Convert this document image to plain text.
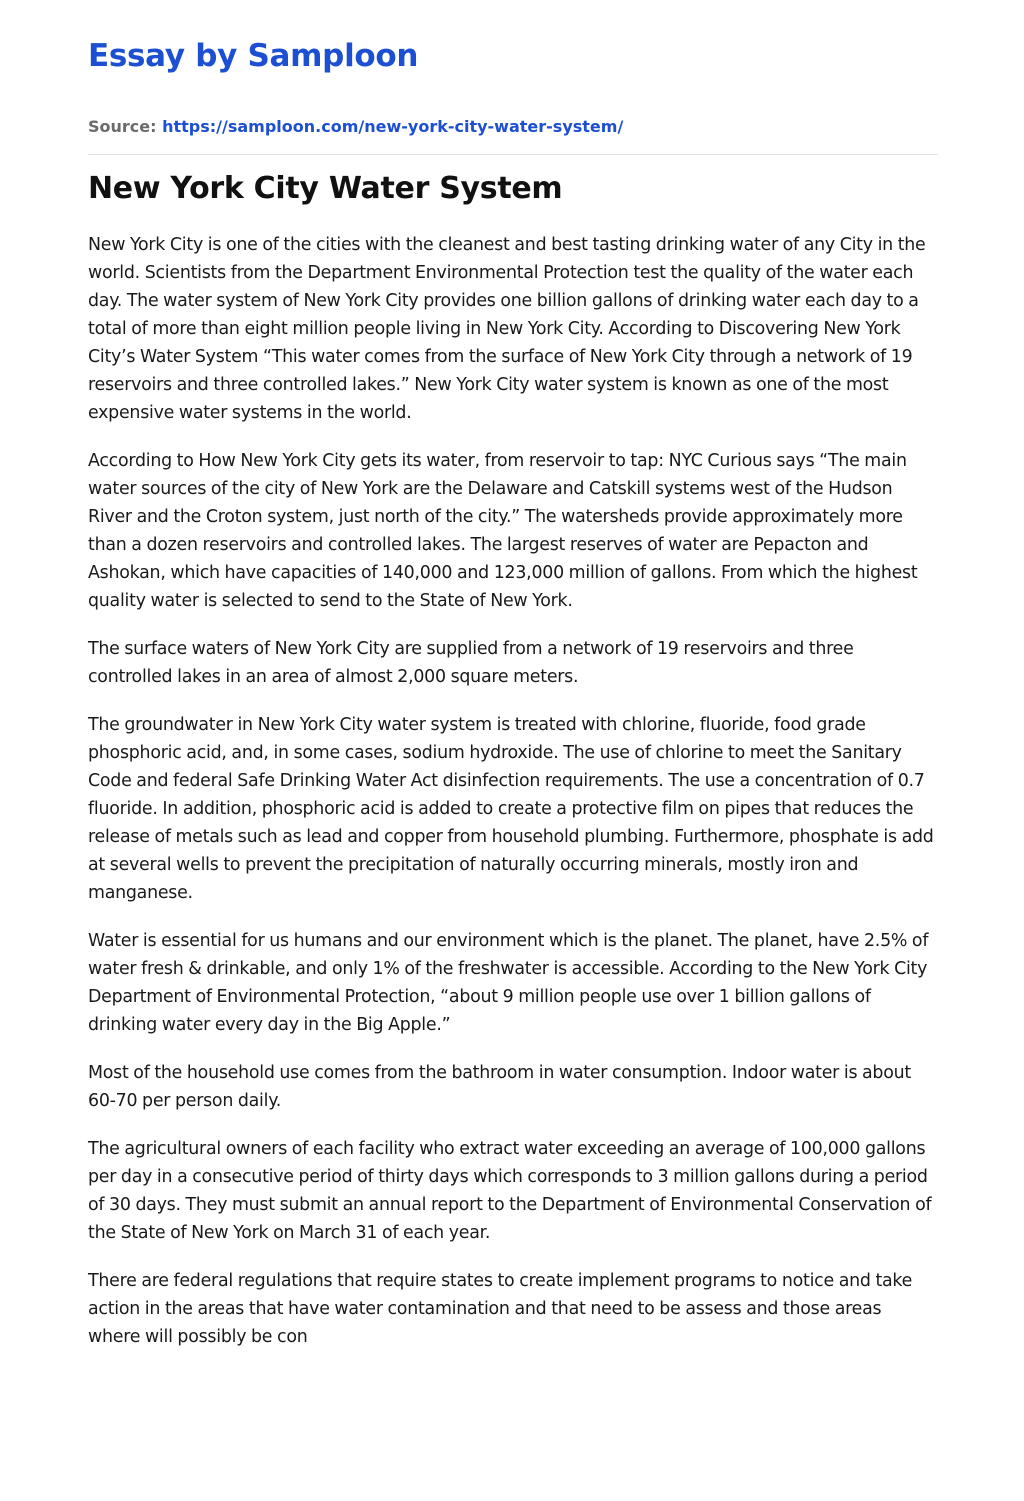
Essay by Samploon
Source: https://samploon.com/new-york-city-water-system/
New York City Water System

New York City is one of the cities with the cleanest and best tasting drinking water of any City in the world. Scientists from the Department Environmental Protection test the quality of the water each day. The water system of New York City provides one billion gallons of drinking water each day to a total of more than eight million people living in New York City. According to Discovering New York City’s Water System “This water comes from the surface of New York City through a network of 19 reservoirs and three controlled lakes.” New York City water system is known as one of the most expensive water systems in the world.

According to How New York City gets its water, from reservoir to tap: NYC Curious says “The main water sources of the city of New York are the Delaware and Catskill systems west of the Hudson River and the Croton system, just north of the city.” The watersheds provide approximately more than a dozen reservoirs and controlled lakes. The largest reserves of water are Pepacton and Ashokan, which have capacities of 140,000 and 123,000 million of gallons. From which the highest quality water is selected to send to the State of New York.

The surface waters of New York City are supplied from a network of 19 reservoirs and three controlled lakes in an area of almost 2,000 square meters.

The groundwater in New York City water system is treated with chlorine, fluoride, food grade phosphoric acid, and, in some cases, sodium hydroxide. The use of chlorine to meet the Sanitary Code and federal Safe Drinking Water Act disinfection requirements. The use a concentration of 0.7 fluoride. In addition, phosphoric acid is added to create a protective film on pipes that reduces the release of metals such as lead and copper from household plumbing. Furthermore, phosphate is add at several wells to prevent the precipitation of naturally occurring minerals, mostly iron and manganese.

Water is essential for us humans and our environment which is the planet. The planet, have 2.5% of water fresh & drinkable, and only 1% of the freshwater is accessible. According to the New York City Department of Environmental Protection, “about 9 million people use over 1 billion gallons of drinking water every day in the Big Apple.”

Most of the household use comes from the bathroom in water consumption. Indoor water is about 60-70 per person daily.

The agricultural owners of each facility who extract water exceeding an average of 100,000 gallons per day in a consecutive period of thirty days which corresponds to 3 million gallons during a period of 30 days. They must submit an annual report to the Department of Environmental Conservation of the State of New York on March 31 of each year.

There are federal regulations that require states to create implement programs to notice and take action in the areas that have water contamination and that need to be assess and those areas where will possibly be con
